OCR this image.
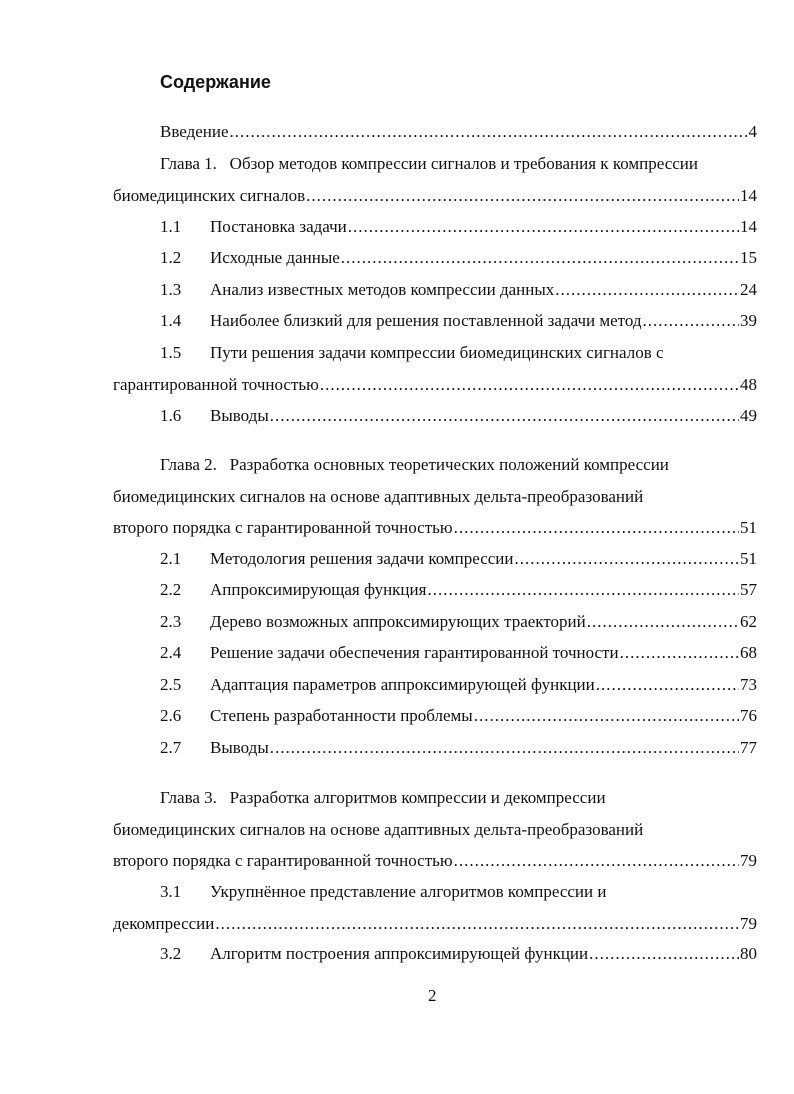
Содержание
Введение .....	4
Глава 1.   Обзор методов компрессии сигналов и требования к компрессии
биомедицинских сигналов .....	14
1.1	Постановка задачи .....	14
1.2	Исходные данные .....	15
1.3	Анализ известных методов компрессии данных .....	24
1.4	Наиболее близкий для решения поставленной задачи метод .....	39
1.5	Пути решения задачи компрессии биомедицинских сигналов с
гарантированной точностью .....	48
1.6	Выводы .....	49
Глава 2.   Разработка основных теоретических положений компрессии
биомедицинских сигналов на основе адаптивных дельта-преобразований
второго порядка с гарантированной точностью .....	51
2.1	Методология решения задачи компрессии .....	51
2.2	Аппроксимирующая функция .....	57
2.3	Дерево возможных аппроксимирующих траекторий .....	62
2.4	Решение задачи обеспечения гарантированной точности .....	68
2.5	Адаптация параметров аппроксимирующей функции .....	73
2.6	Степень разработанности проблемы .....	76
2.7	Выводы .....	77
Глава 3.   Разработка алгоритмов компрессии и декомпрессии
биомедицинских сигналов на основе адаптивных дельта-преобразований
второго порядка с гарантированной точностью .....	79
3.1	Укрупнённое представление алгоритмов компрессии и
декомпрессии .....	79
3.2	Алгоритм построения аппроксимирующей функции .....	80
2
